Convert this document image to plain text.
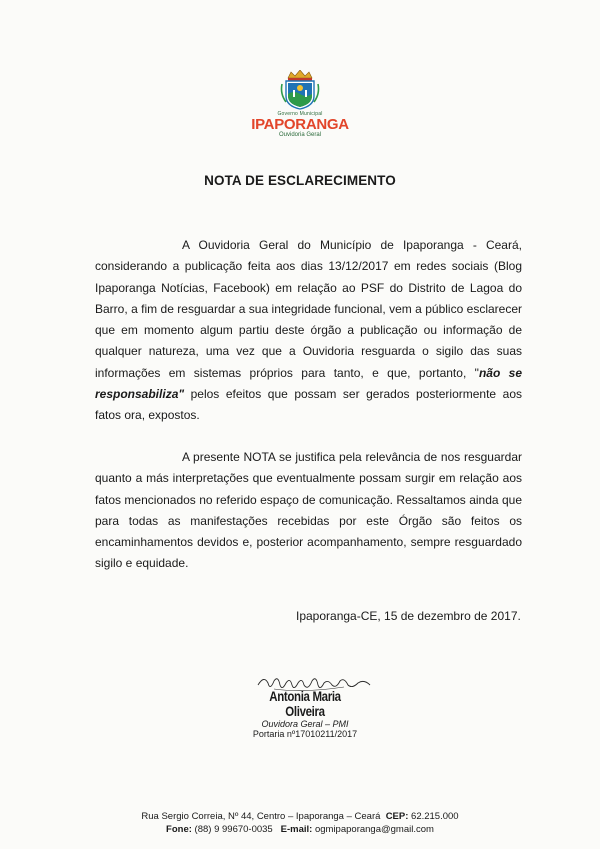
Governo Municipal
IPAPORANGA
Ouvidoria Geral
NOTA DE ESCLARECIMENTO
A Ouvidoria Geral do Município de Ipaporanga - Ceará, considerando a publicação feita aos dias 13/12/2017 em redes sociais (Blog Ipaporanga Notícias, Facebook) em relação ao PSF do Distrito de Lagoa do Barro, a fim de resguardar a sua integridade funcional, vem a público esclarecer que em momento algum partiu deste órgão a publicação ou informação de qualquer natureza, uma vez que a Ouvidoria resguarda o sigilo das suas informações em sistemas próprios para tanto, e que, portanto, "não se responsabiliza" pelos efeitos que possam ser gerados posteriormente aos fatos ora, expostos.
A presente NOTA se justifica pela relevância de nos resguardar quanto a más interpretações que eventualmente possam surgir em relação aos fatos mencionados no referido espaço de comunicação. Ressaltamos ainda que para todas as manifestações recebidas por este Órgão são feitos os encaminhamentos devidos e, posterior acompanhamento, sempre resguardado sigilo e equidade.
Ipaporanga-CE, 15 de dezembro de 2017.
Antonia Maria Oliveira
Ouvidora Geral – PMI
Portaria nº17010211/2017
Rua Sergio Correia, Nº 44, Centro – Ipaporanga – Ceará CEP: 62.215.000
Fone: (88) 9 99670-0035 E-mail: ogmipaporanga@gmail.com
